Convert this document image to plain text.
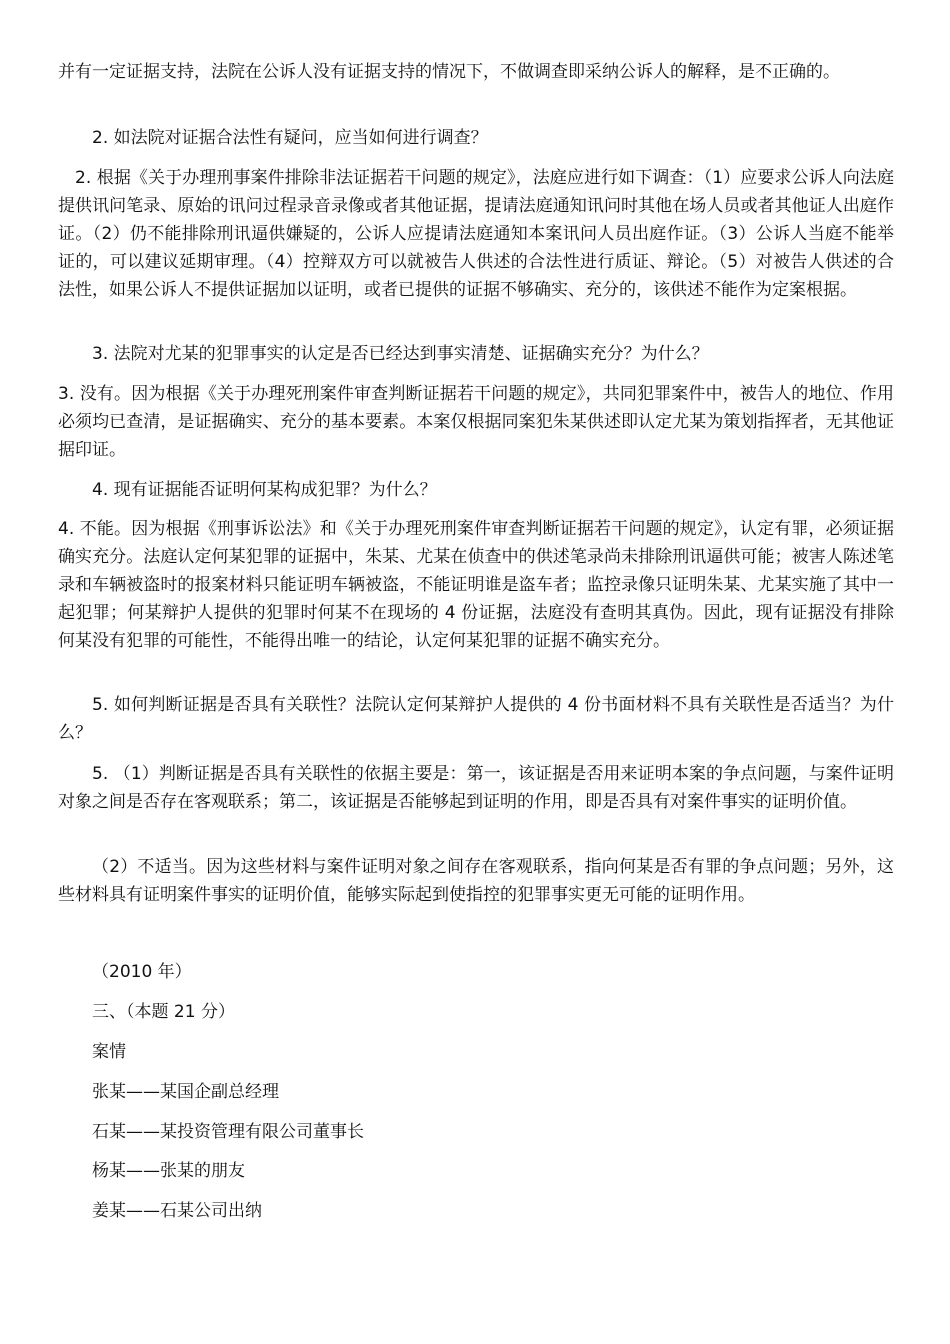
并有一定证据支持，法院在公诉人没有证据支持的情况下，不做调查即采纳公诉人的解释，是不正确的。

2. 如法院对证据合法性有疑问，应当如何进行调查？

2. 根据《关于办理刑事案件排除非法证据若干问题的规定》，法庭应进行如下调查：（1）应要求公诉人向法庭提供讯问笔录、原始的讯问过程录音录像或者其他证据，提请法庭通知讯问时其他在场人员或者其他证人出庭作证。（2）仍不能排除刑讯逼供嫌疑的，公诉人应提请法庭通知本案讯问人员出庭作证。（3）公诉人当庭不能举证的，可以建议延期审理。（4）控辩双方可以就被告人供述的合法性进行质证、辩论。（5）对被告人供述的合法性，如果公诉人不提供证据加以证明，或者已提供的证据不够确实、充分的，该供述不能作为定案根据。

3. 法院对尤某的犯罪事实的认定是否已经达到事实清楚、证据确实充分？为什么？

3. 没有。因为根据《关于办理死刑案件审查判断证据若干问题的规定》，共同犯罪案件中，被告人的地位、作用必须均已查清，是证据确实、充分的基本要素。本案仅根据同案犯朱某供述即认定尤某为策划指挥者，无其他证据印证。

4. 现有证据能否证明何某构成犯罪？为什么？

4. 不能。因为根据《刑事诉讼法》和《关于办理死刑案件审查判断证据若干问题的规定》，认定有罪，必须证据确实充分。法庭认定何某犯罪的证据中，朱某、尤某在侦查中的供述笔录尚未排除刑讯逼供可能；被害人陈述笔录和车辆被盗时的报案材料只能证明车辆被盗，不能证明谁是盗车者；监控录像只证明朱某、尤某实施了其中一起犯罪；何某辩护人提供的犯罪时何某不在现场的 4 份证据，法庭没有查明其真伪。因此，现有证据没有排除何某没有犯罪的可能性，不能得出唯一的结论，认定何某犯罪的证据不确实充分。

5. 如何判断证据是否具有关联性？法院认定何某辩护人提供的 4 份书面材料不具有关联性是否适当？为什么？

5. （1）判断证据是否具有关联性的依据主要是：第一，该证据是否用来证明本案的争点问题，与案件证明对象之间是否存在客观联系；第二，该证据是否能够起到证明的作用，即是否具有对案件事实的证明价值。

（2）不适当。因为这些材料与案件证明对象之间存在客观联系，指向何某是否有罪的争点问题；另外，这些材料具有证明案件事实的证明价值，能够实际起到使指控的犯罪事实更无可能的证明作用。

（2010 年）

三、（本题 21 分）

案情

张某——某国企副总经理

石某——某投资管理有限公司董事长

杨某——张某的朋友

姜某——石某公司出纳
